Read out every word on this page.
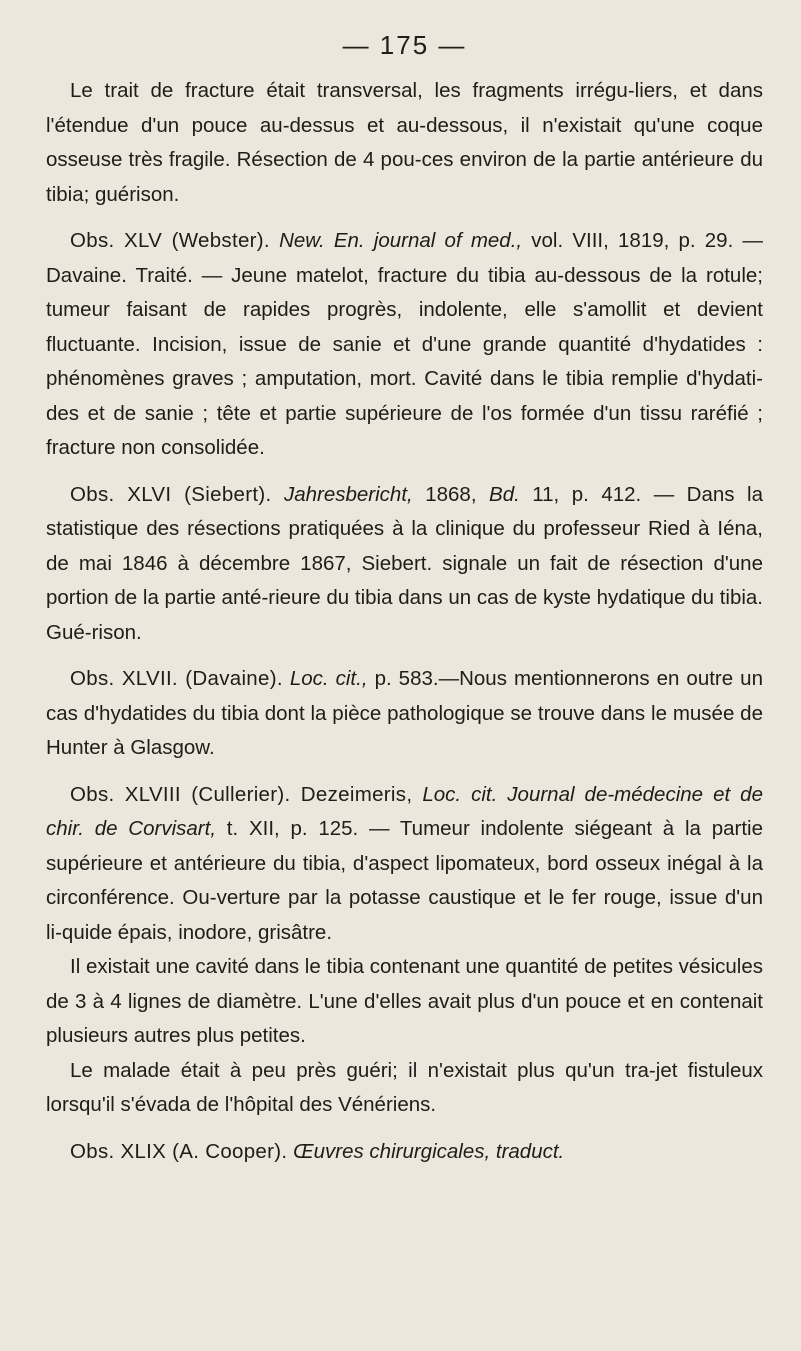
— 175 —

Le trait de fracture était transversal, les fragments irrégu-liers, et dans l'étendue d'un pouce au-dessus et au-dessous, il n'existait qu'une coque osseuse très fragile. Résection de 4 pou-ces environ de la partie antérieure du tibia; guérison.

Obs. XLV (Webster). New. En. journal of med., vol. VIII, 1819, p. 29. — Davaine. Traité. — Jeune matelot, fracture du tibia au-dessous de la rotule; tumeur faisant de rapides progrès, indolente, elle s'amollit et devient fluctuante. Incision, issue de sanie et d'une grande quantité d'hydatides : phénomènes graves ; amputation, mort. Cavité dans le tibia remplie d'hydati-des et de sanie ; tête et partie supérieure de l'os formée d'un tissu raréfié ; fracture non consolidée.

Obs. XLVI (Siebert). Jahresbericht, 1868, Bd. 11, p. 412. — Dans la statistique des résections pratiquées à la clinique du professeur Ried à Iéna, de mai 1846 à décembre 1867, Siebert. signale un fait de résection d'une portion de la partie anté-rieure du tibia dans un cas de kyste hydatique du tibia. Gué-rison.

Obs. XLVII. (Davaine). Loc. cit., p. 583.—Nous mentionnerons en outre un cas d'hydatides du tibia dont la pièce pathologique se trouve dans le musée de Hunter à Glasgow.

Obs. XLVIII (Cullerier). Dezeimeris, Loc. cit. Journal de-médecine et de chir. de Corvisart, t. XII, p. 125. — Tumeur indolente siégeant à la partie supérieure et antérieure du tibia, d'aspect lipomateux, bord osseux inégal à la circonférence. Ou-verture par la potasse caustique et le fer rouge, issue d'un li-quide épais, inodore, grisâtre.

Il existait une cavité dans le tibia contenant une quantité de petites vésicules de 3 à 4 lignes de diamètre. L'une d'elles avait plus d'un pouce et en contenait plusieurs autres plus petites.

Le malade était à peu près guéri; il n'existait plus qu'un tra-jet fistuleux lorsqu'il s'évada de l'hôpital des Vénériens.

Obs. XLIX (A. Cooper). Œuvres chirurgicales, traduct.
